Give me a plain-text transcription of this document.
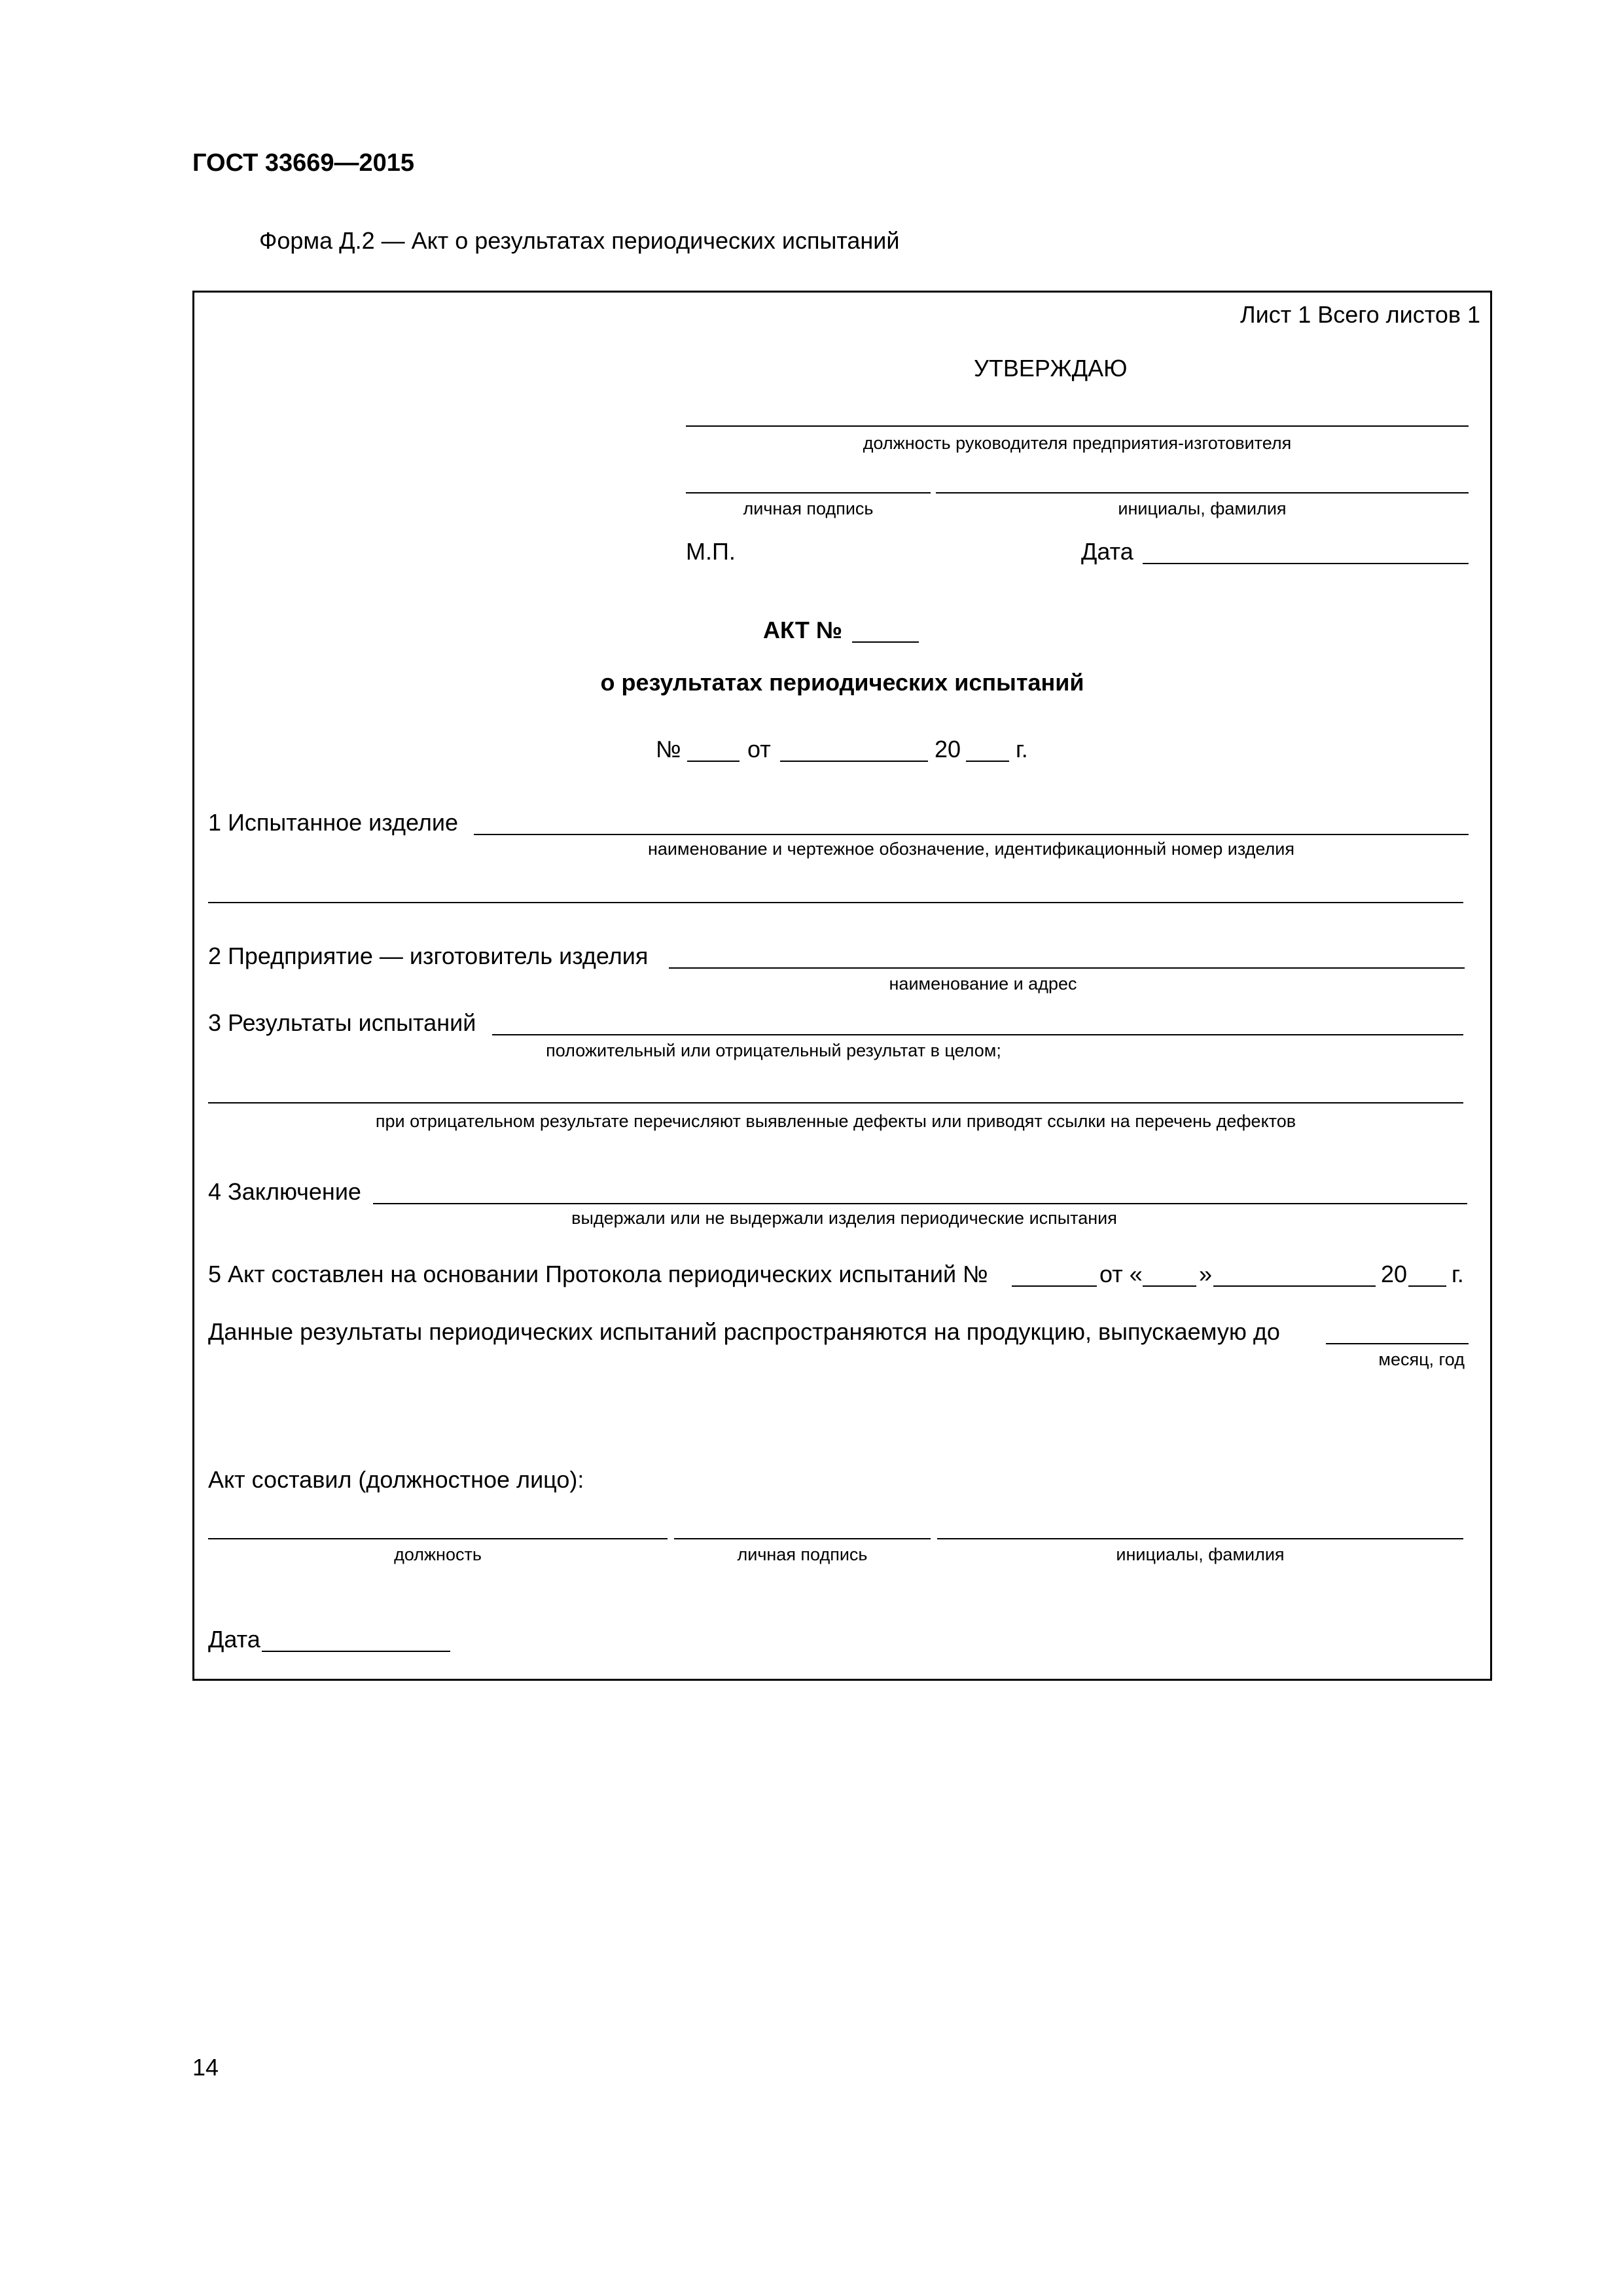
ГОСТ 33669—2015
Форма Д.2 — Акт о результатах периодических испытаний
Лист 1 Всего листов 1
УТВЕРЖДАЮ
должность руководителя предприятия-изготовителя
личная подпись	инициалы, фамилия
М.П.	Дата
АКТ №
о результатах периодических испытаний
№	от	20 г.
1 Испытанное изделие
наименование и чертежное обозначение, идентификационный номер изделия
2 Предприятие — изготовитель изделия
наименование и адрес
3 Результаты испытаний
положительный или отрицательный результат в целом;
при отрицательном результате перечисляют выявленные дефекты или приводят ссылки на перечень дефектов
4 Заключение
выдержали или не выдержали изделия периодические испытания
5 Акт составлен на основании Протокола периодических испытаний №	от « »	20 г.
Данные результаты периодических испытаний распространяются на продукцию, выпускаемую до
месяц, год
Акт составил (должностное лицо):
должность	личная подпись	инициалы, фамилия
Дата
14
